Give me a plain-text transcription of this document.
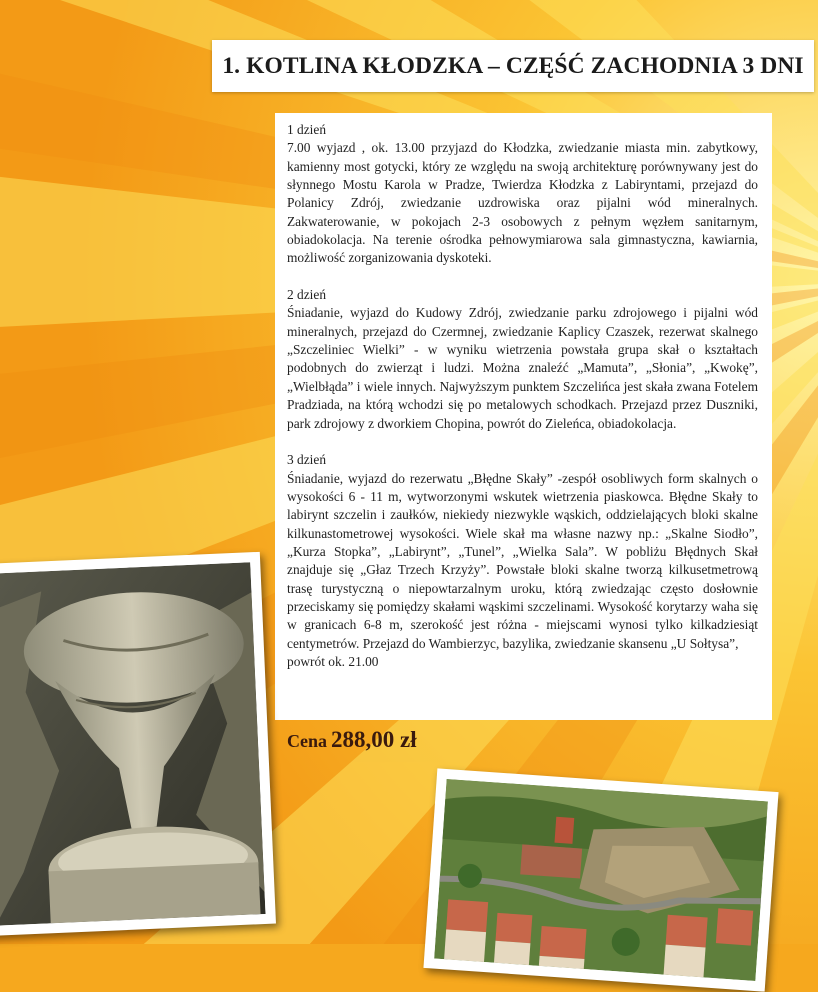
1. KOTLINA KŁODZKA – CZĘŚĆ ZACHODNIA 3 DNI
1 dzień
7.00 wyjazd , ok. 13.00 przyjazd do Kłodzka, zwiedzanie miasta min. zabytkowy, kamienny most gotycki, który ze względu na swoją architekturę porównywany jest do słynnego Mostu Karola w Pradze, Twierdza Kłodzka z Labiryntami, przejazd do Polanicy Zdrój, zwiedzanie uzdrowiska oraz pijalni wód mineralnych. Zakwaterowanie, w pokojach 2-3 osobowych z pełnym węzłem sanitarnym, obiadokolacja. Na terenie ośrodka pełnowymiarowa sala gimnastyczna, kawiarnia, możliwość zorganizowania dyskoteki.
2 dzień
Śniadanie, wyjazd do Kudowy Zdrój, zwiedzanie parku zdrojowego i pijalni wód mineralnych, przejazd do Czermnej, zwiedzanie Kaplicy Czaszek, rezerwat skalnego „Szczeliniec Wielki” - w wyniku wietrzenia powstała grupa skał o kształtach podobnych do zwierząt i ludzi. Można znaleźć „Mamuta”, „Słonia”, „Kwokę”, „Wielbłąda” i wiele innych. Najwyższym punktem Szczelińca jest skała zwana Fotelem Pradziada, na którą wchodzi się po metalowych schodkach. Przejazd przez Duszniki, park zdrojowy z dworkiem Chopina, powrót do Zieleńca, obiadokolacja.
3 dzień
Śniadanie, wyjazd do rezerwatu „Błędne Skały” -zespół osobliwych form skalnych o wysokości 6 - 11 m, wytworzonymi wskutek wietrzenia piaskowca. Błędne Skały to labirynt szczelin i zaułków, niekiedy niezwykle wąskich, oddzielających bloki skalne kilkunastometrowej wysokości. Wiele skał ma własne nazwy np.: „Skalne Siodło”, „Kurza Stopka”, „Labirynt”, „Tunel”, „Wielka Sala”. W pobliżu Błędnych Skał znajduje się „Głaz Trzech Krzyży”. Powstałe bloki skalne tworzą kilkusetmetrową trasę turystyczną o niepowtarzalnym uroku, którą zwiedzając często dosłownie przeciskamy się pomiędzy skałami wąskimi szczelinami. Wysokość korytarzy waha się w granicach 6-8 m, szerokość jest różna - miejscami wynosi tylko kilkadziesiąt centymetrów. Przejazd do Wambierzyc, bazylika, zwiedzanie skansenu „U Sołtysa”,
powrót ok. 21.00
Cena 288,00 zł
